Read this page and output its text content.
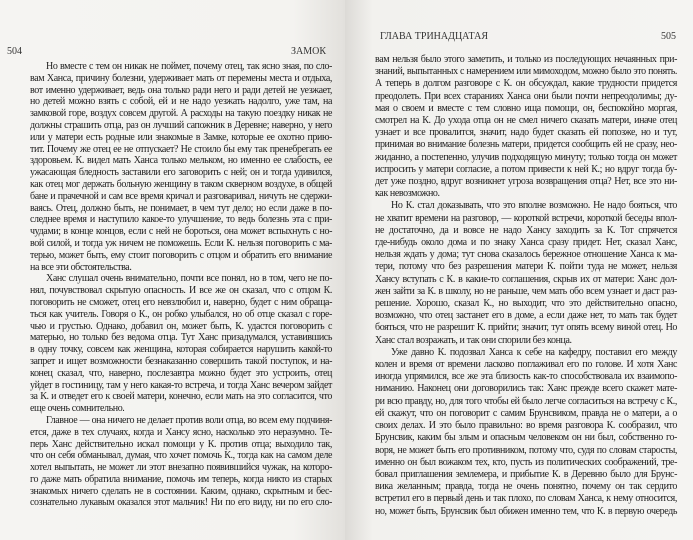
504	ЗАМОК
Но вместе с тем он никак не поймет, почему отец, так ясно зная, по сло-
вам Ханса, причину болезни, удерживает мать от перемены места и отдыха,
вот именно удерживает, ведь она только ради него и ради детей не уезжает,
но детей можно взять с собой, ей и не надо уезжать надолго, уже там, на
замковой горе, воздух совсем другой. А расходы на такую поездку никак не
должны страшить отца, раз он лучший сапожник в Деревне; наверно, у него
или у матери есть родные или знакомые в Замке, которые ее охотно прию-
тит. Почему же отец ее не отпускает? Не стоило бы ему так пренебрегать ее
здоровьем. К. видел мать Ханса только мельком, но именно ее слабость, ее
ужасающая бледность заставили его заговорить с ней; он и тогда удивился,
как отец мог держать больную женщину в таком скверном воздухе, в общей
бане и прачечной и сам все время кричал и разговаривал, ничуть не сдержи-
ваясь. Отец, должно быть, не понимает, в чем тут дело; но если даже в по-
следнее время и наступило какое-то улучшение, то ведь болезнь эта с при-
чудами; в конце концов, если с ней не бороться, она может вспыхнуть с но-
вой силой, и тогда уж ничем не поможешь. Если К. нельзя поговорить с ма-
терью, может быть, ему стоит поговорить с отцом и обратить его внимание
на все эти обстоятельства.
Ханс слушал очень внимательно, почти все понял, но в том, чего не по-
нял, почувствовал скрытую опасность. И все же он сказал, что с отцом К.
поговорить не сможет, отец его невзлюбил и, наверно, будет с ним обраща-
ться как учитель. Говоря о К., он робко улыбался, но об отце сказал с горе-
чью и грустью. Однако, добавил он, может быть, К. удастся поговорить с
матерью, но только без ведома отца. Тут Ханс призадумался, уставившись
в одну точку, совсем как женщина, которая собирается нарушить какой-то
запрет и ищет возможности безнаказанно совершить такой поступок, и на-
конец сказал, что, наверно, послезавтра можно будет это устроить, отец
уйдет в гостиницу, там у него какая-то встреча, и тогда Ханс вечером зайдет
за К. и отведет его к своей матери, конечно, если мать на это согласится, что
еще очень сомнительно.
Главное — она ничего не делает против воли отца, во всем ему подчиня-
ется, даже в тех случаях, когда и Хансу ясно, насколько это неразумно. Те-
перь Ханс действительно искал помощи у К. против отца; выходило так,
что он себя обманывал, думая, что хочет помочь К., тогда как на самом деле
хотел выпытать, не может ли этот внезапно появившийся чужак, на которо-
го даже мать обратила внимание, помочь им теперь, когда никто из старых
знакомых ничего сделать не в состоянии. Каким, однако, скрытным и бес-
сознательно лукавым оказался этот мальчик! Ни по его виду, ни по его сло-
ГЛАВА ТРИНАДЦАТАЯ	505
вам нельзя было этого заметить, и только из последующих нечаянных при-
знаний, выпытанных с намерением или мимоходом, можно было это понять.
А теперь в долгом разговоре с К. он обсуждал, какие трудности придется
преодолеть. При всех стараниях Ханса они были почти непреодолимы; ду-
мая о своем и вместе с тем словно ища помощи, он, беспокойно моргая,
смотрел на К. До ухода отца он не смел ничего сказать матери, иначе отец
узнает и все провалится, значит, надо будет сказать ей попозже, но и тут,
принимая во внимание болезнь матери, придется сообщить ей не сразу, нео-
жиданно, а постепенно, улучив подходящую минуту; только тогда он может
испросить у матери согласие, а потом привести к ней К.; но вдруг тогда бу-
дет уже поздно, вдруг возникнет угроза возвращения отца? Нет, все это ни-
как невозможно.
Но К. стал доказывать, что это вполне возможно. Не надо бояться, что
не хватит времени на разговор, — короткой встречи, короткой беседы впол-
не достаточно, да и вовсе не надо Хансу заходить за К. Тот спрячется
где-нибудь около дома и по знаку Ханса сразу придет. Нет, сказал Ханс,
нельзя ждать у дома; тут снова сказалось бережное отношение Ханса к ма-
тери, потому что без разрешения матери К. пойти туда не может, нельзя
Хансу вступать с К. в какие-то соглашения, скрыв их от матери: Ханс дол-
жен зайти за К. в школу, но не раньше, чем мать обо всем узнает и даст раз-
решение. Хорошо, сказал К., но выходит, что это действительно опасно,
возможно, что отец застанет его в доме, а если даже нет, то мать так будет
бояться, что не разрешит К. прийти; значит, тут опять всему виной отец. Но
Ханс стал возражать, и так они спорили без конца.
Уже давно К. подозвал Ханса к себе на кафедру, поставил его между
колен и время от времени ласково поглаживал его по голове. И хотя Ханс
иногда упрямился, все же эта близость как-то способствовала их взаимопо-
ниманию. Наконец они договорились так: Ханс прежде всего скажет мате-
ри всю правду, но, для того чтобы ей было легче согласиться на встречу с К.,
ей скажут, что он поговорит с самим Брунсвиком, правда не о матери, а о
своих делах. И это было правильно: во время разговора К. сообразил, что
Брунсвик, каким бы злым и опасным человеком он ни был, собственно го-
воря, не может быть его противником, потому что, судя по словам старосты,
именно он был вожаком тех, кто, пусть из политических соображений, тре-
бовал приглашения землемера, и прибытие К. в Деревню было для Брунс-
вика желанным; правда, тогда не очень понятно, почему он так сердито
встретил его в первый день и так плохо, по словам Ханса, к нему относится,
но, может быть, Брунсвик был обижен именно тем, что К. в первую очередь
